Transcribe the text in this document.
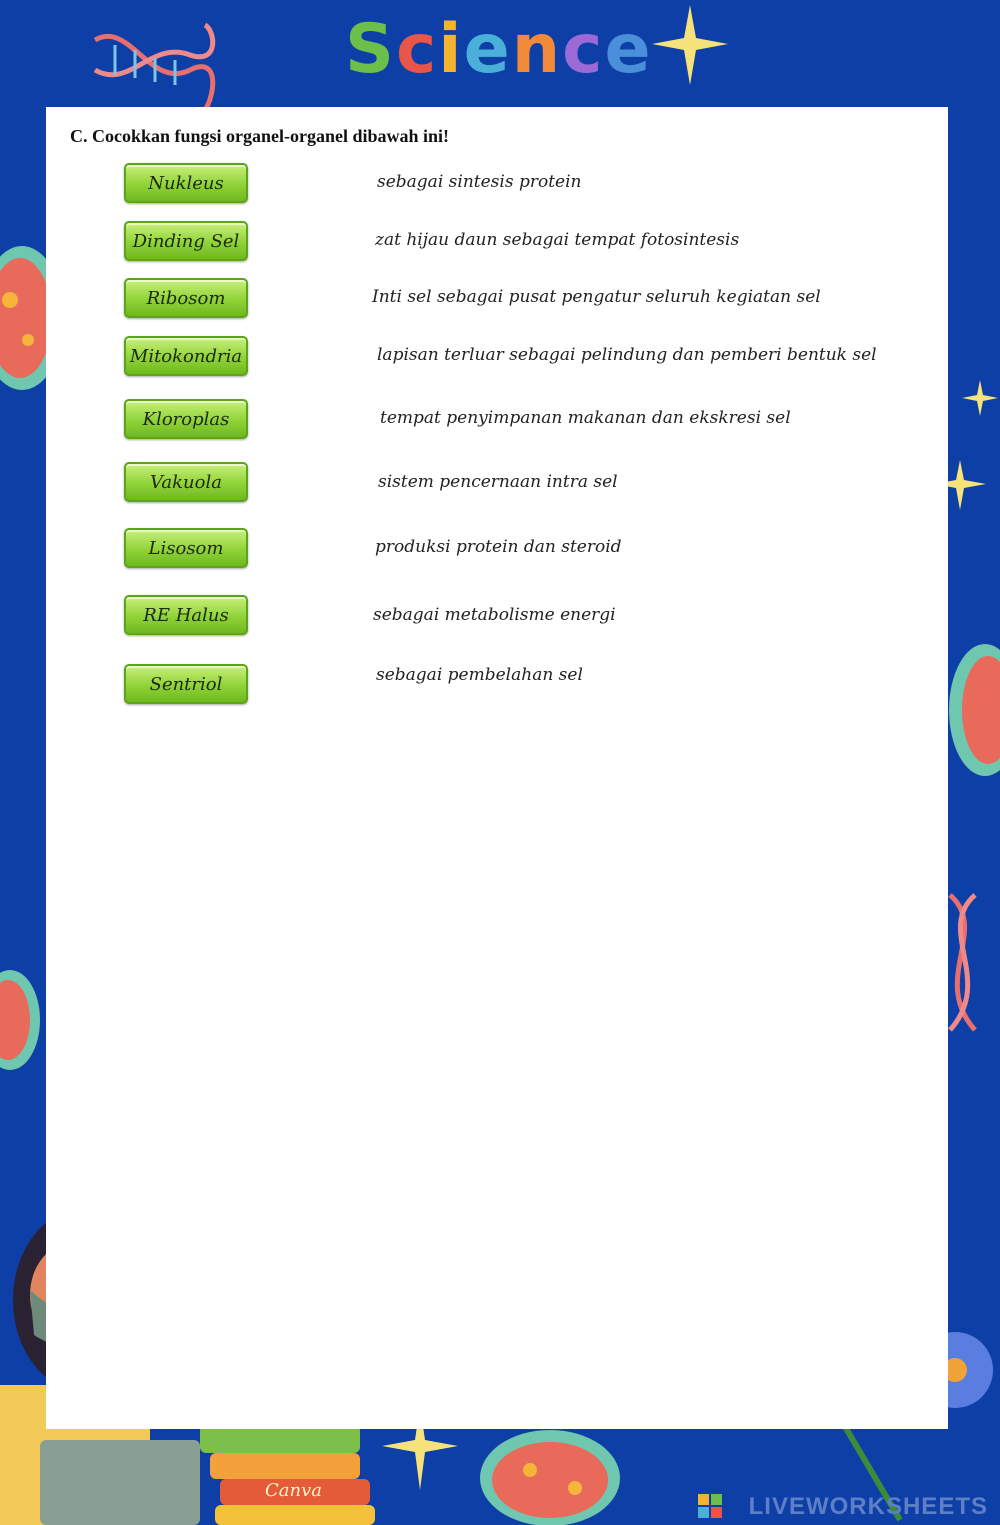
Science
C. Cocokkan fungsi organel-organel dibawah ini!
Nukleus
Dinding Sel
Ribosom
Mitokondria
Kloroplas
Vakuola
Lisosom
RE Halus
Sentriol
sebagai sintesis protein
zat hijau daun sebagai tempat fotosintesis
Inti sel sebagai pusat pengatur seluruh kegiatan sel
lapisan terluar sebagai pelindung dan pemberi bentuk sel
tempat penyimpanan makanan dan ekskresi sel
sistem pencernaan intra sel
produksi protein dan steroid
sebagai metabolisme energi
sebagai pembelahan sel
Canva
LIVEWORKSHEETS
